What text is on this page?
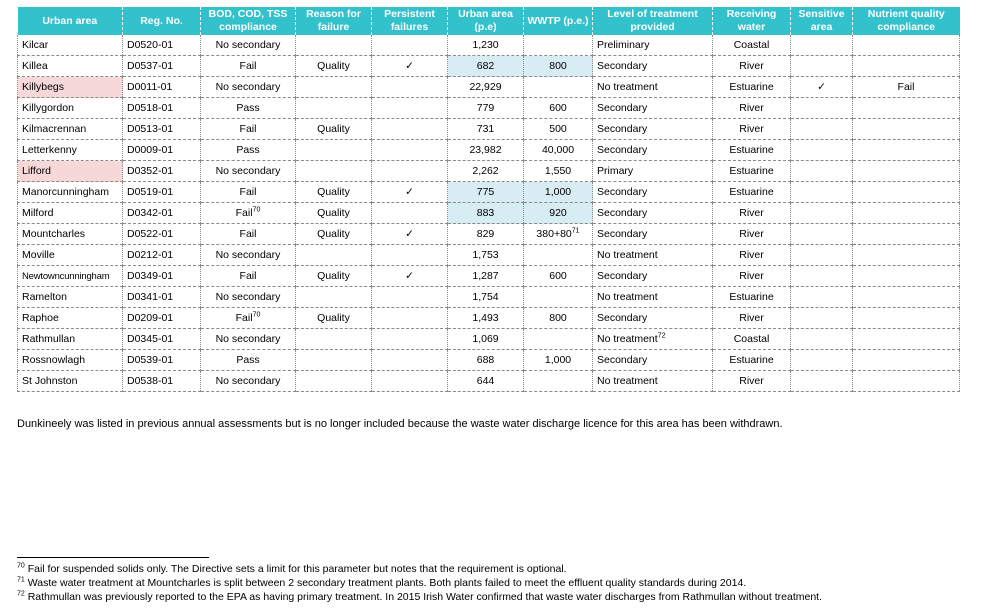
Urban area	Reg. No.	BOD, COD, TSS compliance	Reason for failure	Persistent failures	Urban area (p.e)	WWTP (p.e.)	Level of treatment provided	Receiving water	Sensitive area	Nutrient quality compliance
Kilcar	D0520-01	No secondary			1,230		Preliminary	Coastal		
Killea	D0537-01	Fail	Quality	✓	682	800	Secondary	River		
Killybegs	D0011-01	No secondary			22,929		No treatment	Estuarine	✓	Fail
Killygordon	D0518-01	Pass			779	600	Secondary	River		
Kilmacrennan	D0513-01	Fail	Quality		731	500	Secondary	River		
Letterkenny	D0009-01	Pass			23,982	40,000	Secondary	Estuarine		
Lifford	D0352-01	No secondary			2,262	1,550	Primary	Estuarine		
Manorcunningham	D0519-01	Fail	Quality	✓	775	1,000	Secondary	Estuarine		
Milford	D0342-01	Fail$^{70}$	Quality		883	920	Secondary	River		
Mountcharles	D0522-01	Fail	Quality	✓	829	$380+80^{71}$	Secondary	River		
Moville	D0212-01	No secondary			1,753		No treatment	River		
Newtowncunningham	D0349-01	Fail	Quality	✓	1,287	600	Secondary	River		
Ramelton	D0341-01	No secondary			1,754		No treatment	Estuarine		
Raphoe	D0209-01	Fail$^{70}$	Quality		1,493	800	Secondary	River		
Rathmullan	D0345-01	No secondary			1,069		No treatment$^{72}$	Coastal		
Rossnowlagh	D0539-01	Pass			688	1,000	Secondary	Estuarine		
St Johnston	D0538-01	No secondary			644		No treatment	River		
Dunkineely was listed in previous annual assessments but is no longer included because the waste water discharge licence for this area has been withdrawn.
$^{70}$ Fail for suspended solids only. The Directive sets a limit for this parameter but notes that the requirement is optional.
$^{71}$ Waste water treatment at Mountcharles is split between 2 secondary treatment plants. Both plants failed to meet the effluent quality standards during 2014.
$^{72}$ Rathmullan was previously reported to the EPA as having primary treatment. In 2015 Irish Water confirmed that waste water discharges from Rathmullan without treatment.
